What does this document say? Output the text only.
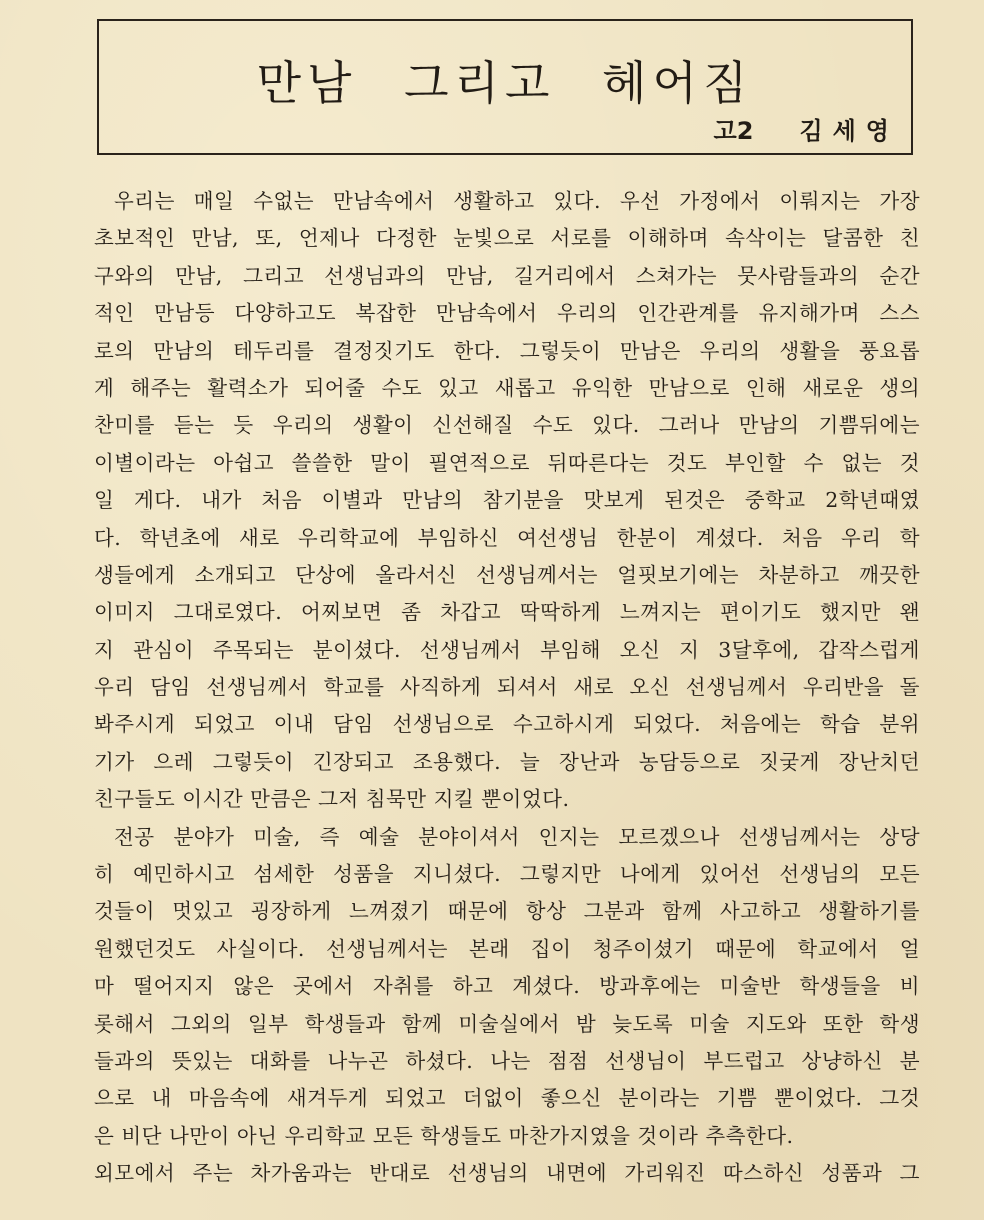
만남 그리고 헤어짐
고2 김세영
우리는 매일 수없는 만남속에서 생활하고 있다. 우선 가정에서 이뤄지는 가장
초보적인 만남, 또, 언제나 다정한 눈빛으로 서로를 이해하며 속삭이는 달콤한 친
구와의 만남, 그리고 선생님과의 만남, 길거리에서 스쳐가는 뭇사람들과의 순간
적인 만남등 다양하고도 복잡한 만남속에서 우리의 인간관계를 유지해가며 스스
로의 만남의 테두리를 결정짓기도 한다. 그렇듯이 만남은 우리의 생활을 풍요롭
게 해주는 활력소가 되어줄 수도 있고 새롭고 유익한 만남으로 인해 새로운 생의
찬미를 듣는 듯 우리의 생활이 신선해질 수도 있다. 그러나 만남의 기쁨뒤에는
이별이라는 아쉽고 쓸쓸한 말이 필연적으로 뒤따른다는 것도 부인할 수 없는 것
일 게다. 내가 처음 이별과 만남의 참기분을 맛보게 된것은 중학교 2학년때였
다. 학년초에 새로 우리학교에 부임하신 여선생님 한분이 계셨다. 처음 우리 학
생들에게 소개되고 단상에 올라서신 선생님께서는 얼핏보기에는 차분하고 깨끗한
이미지 그대로였다. 어찌보면 좀 차갑고 딱딱하게 느껴지는 편이기도 했지만 왠
지 관심이 주목되는 분이셨다. 선생님께서 부임해 오신 지 3달후에, 갑작스럽게
우리 담임 선생님께서 학교를 사직하게 되셔서 새로 오신 선생님께서 우리반을 돌
봐주시게 되었고 이내 담임 선생님으로 수고하시게 되었다. 처음에는 학습 분위
기가 으레 그렇듯이 긴장되고 조용했다. 늘 장난과 농담등으로 짓궂게 장난치던
친구들도 이시간 만큼은 그저 침묵만 지킬 뿐이었다.
전공 분야가 미술, 즉 예술 분야이셔서 인지는 모르겠으나 선생님께서는 상당
히 예민하시고 섬세한 성품을 지니셨다. 그렇지만 나에게 있어선 선생님의 모든
것들이 멋있고 굉장하게 느껴졌기 때문에 항상 그분과 함께 사고하고 생활하기를
원했던것도 사실이다. 선생님께서는 본래 집이 청주이셨기 때문에 학교에서 얼
마 떨어지지 않은 곳에서 자취를 하고 계셨다. 방과후에는 미술반 학생들을 비
롯해서 그외의 일부 학생들과 함께 미술실에서 밤 늦도록 미술 지도와 또한 학생
들과의 뜻있는 대화를 나누곤 하셨다. 나는 점점 선생님이 부드럽고 상냥하신 분
으로 내 마음속에 새겨두게 되었고 더없이 좋으신 분이라는 기쁨 뿐이었다. 그것
은 비단 나만이 아닌 우리학교 모든 학생들도 마찬가지였을 것이라 추측한다.
외모에서 주는 차가움과는 반대로 선생님의 내면에 가리워진 따스하신 성품과 그
